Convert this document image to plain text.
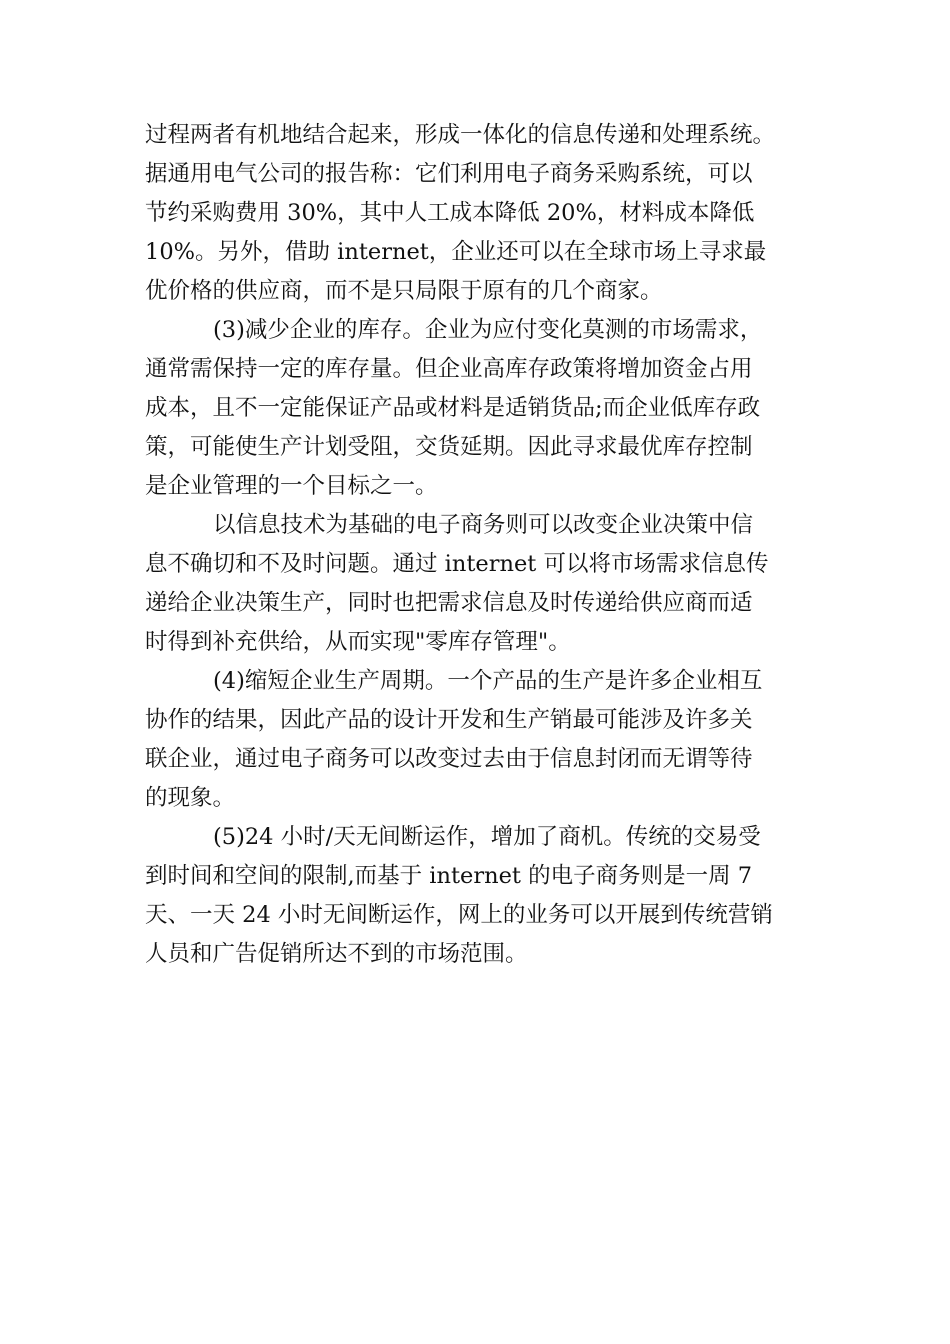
过程两者有机地结合起来，形成一体化的信息传递和处理系统。
据通用电气公司的报告称：它们利用电子商务采购系统，可以
节约采购费用 30%，其中人工成本降低 20%，材料成本降低
10%。另外，借助 internet，企业还可以在全球市场上寻求最
优价格的供应商，而不是只局限于原有的几个商家。
(3)减少企业的库存。企业为应付变化莫测的市场需求，
通常需保持一定的库存量。但企业高库存政策将增加资金占用
成本，且不一定能保证产品或材料是适销货品;而企业低库存政
策，可能使生产计划受阻，交货延期。因此寻求最优库存控制
是企业管理的一个目标之一。
以信息技术为基础的电子商务则可以改变企业决策中信
息不确切和不及时问题。通过 internet 可以将市场需求信息传
递给企业决策生产，同时也把需求信息及时传递给供应商而适
时得到补充供给，从而实现"零库存管理"。
(4)缩短企业生产周期。一个产品的生产是许多企业相互
协作的结果，因此产品的设计开发和生产销最可能涉及许多关
联企业，通过电子商务可以改变过去由于信息封闭而无谓等待
的现象。
(5)24 小时/天无间断运作，增加了商机。传统的交易受
到时间和空间的限制,而基于 internet 的电子商务则是一周 7
天、一天 24 小时无间断运作，网上的业务可以开展到传统营销
人员和广告促销所达不到的市场范围。
